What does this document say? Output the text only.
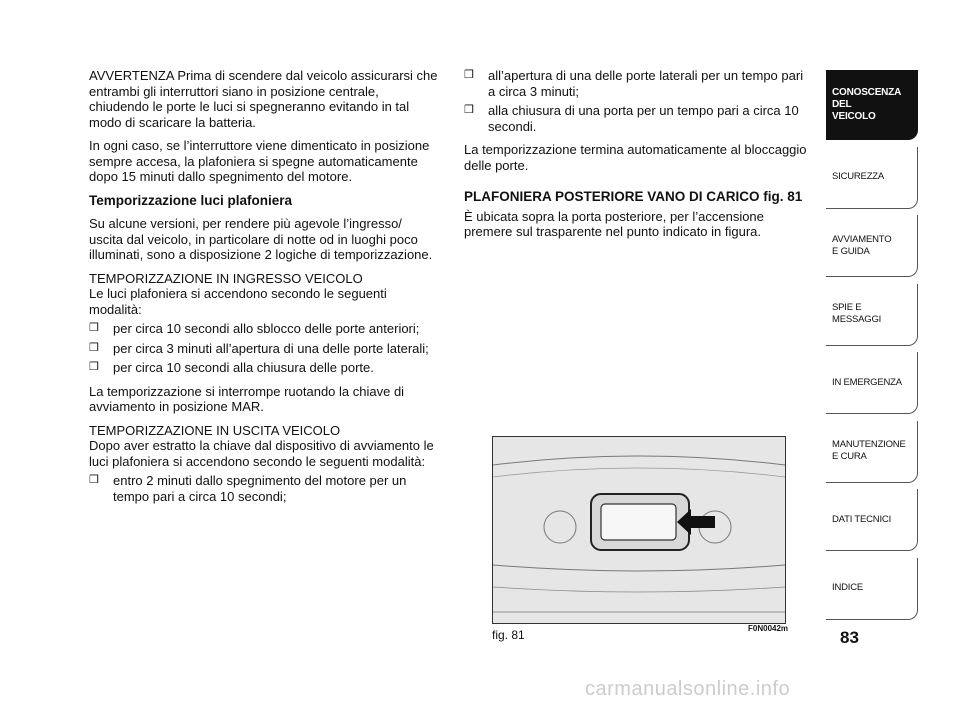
AVVERTENZA Prima di scendere dal veicolo assicurarsi che entrambi gli interruttori siano in posizione centrale, chiudendo le porte le luci si spegneranno evitando in tal modo di scaricare la batteria.

In ogni caso, se l’interruttore viene dimenticato in posizione sempre accesa, la plafoniera si spegne automaticamente dopo 15 minuti dallo spegnimento del motore.

Temporizzazione luci plafoniera

Su alcune versioni, per rendere più agevole l’ingresso/ uscita dal veicolo, in particolare di notte od in luoghi poco illuminati, sono a disposizione 2 logiche di temporizzazione.

TEMPORIZZAZIONE IN INGRESSO VEICOLO

Le luci plafoniera si accendono secondo le seguenti modalità:

❒	per circa 10 secondi allo sblocco delle porte anteriori;
❒	per circa 3 minuti all’apertura di una delle porte laterali;
❒	per circa 10 secondi alla chiusura delle porte.

La temporizzazione si interrompe ruotando la chiave di avviamento in posizione MAR.

TEMPORIZZAZIONE IN USCITA VEICOLO

Dopo aver estratto la chiave dal dispositivo di avviamento le luci plafoniera si accendono secondo le seguenti modalità:

❒	entro 2 minuti dallo spegnimento del motore per un tempo pari a circa 10 secondi;
❒	all’apertura di una delle porte laterali per un tempo pari a circa 3 minuti;
❒	alla chiusura di una porta per un tempo pari a circa 10 secondi.

La temporizzazione termina automaticamente al bloccaggio delle porte.

PLAFONIERA POSTERIORE VANO DI CARICO fig. 81

È ubicata sopra la porta posteriore, per l’accensione premere sul trasparente nel punto indicato in figura.

fig. 81	F0N0042m
CONOSCENZA
DEL
VEICOLO
SICUREZZA
AVVIAMENTO
E GUIDA
SPIE E
MESSAGGI
IN EMERGENZA
MANUTENZIONE
E CURA
DATI TECNICI
INDICE
83
carmanualsonline.info
